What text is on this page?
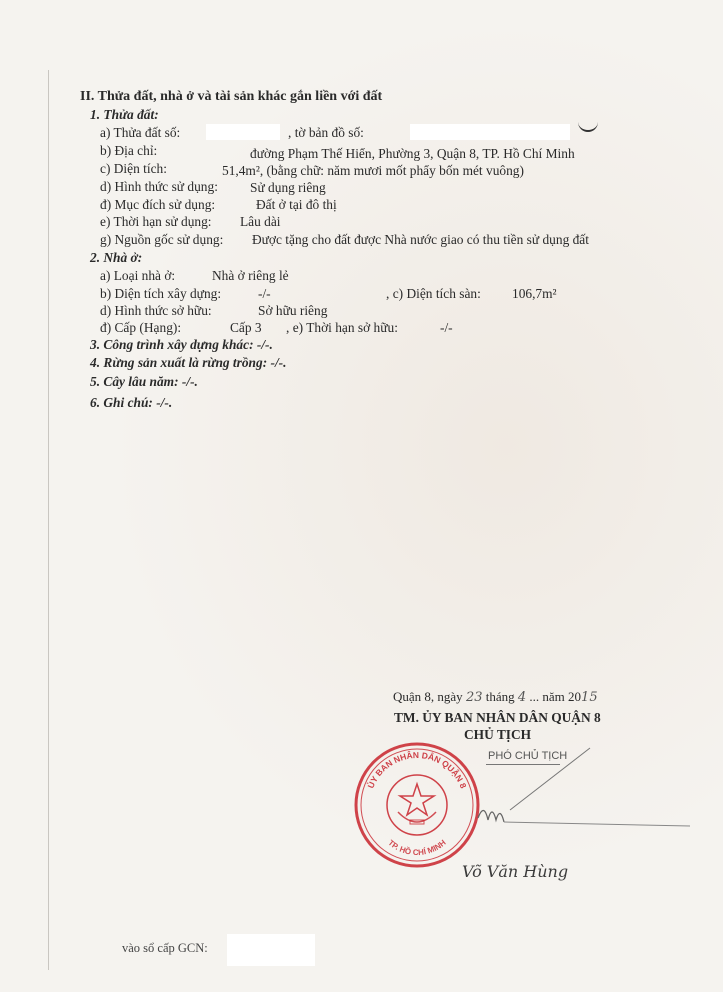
II. Thửa đất, nhà ở và tài sản khác gắn liền với đất
1. Thửa đất:
a) Thửa đất số:	, tờ bản đồ số:
b) Địa chỉ:	đường Phạm Thế Hiển, Phường 3, Quận 8, TP. Hồ Chí Minh
c) Diện tích:	51,4m², (bằng chữ: năm mươi mốt phẩy bốn mét vuông)
d) Hình thức sử dụng: Sử dụng riêng
đ) Mục đích sử dụng:	Đất ở tại đô thị
e) Thời hạn sử dụng: Lâu dài
g) Nguồn gốc sử dụng: Được tặng cho đất được Nhà nước giao có thu tiền sử dụng đất
2. Nhà ở:
a) Loại nhà ở:	Nhà ở riêng lẻ
b) Diện tích xây dựng:	-/-	, c) Diện tích sàn: 106,7m²
d) Hình thức sở hữu:	Sở hữu riêng
đ) Cấp (Hạng):	Cấp 3 , e) Thời hạn sở hữu:	-/-
3. Công trình xây dựng khác: -/-.
4. Rừng sản xuất là rừng trồng: -/-.
5. Cây lâu năm: -/-.
6. Ghi chú: -/-.
Quận 8, ngày 23 tháng 4 ... năm 2015
TM. ỦY BAN NHÂN DÂN QUẬN 8
CHỦ TỊCH
PHÓ CHỦ TỊCH
ỦY BAN NHÂN DÂN QUẬN 8
TP. HỒ CHÍ MINH
Võ Văn Hùng
vào sổ cấp GCN:
